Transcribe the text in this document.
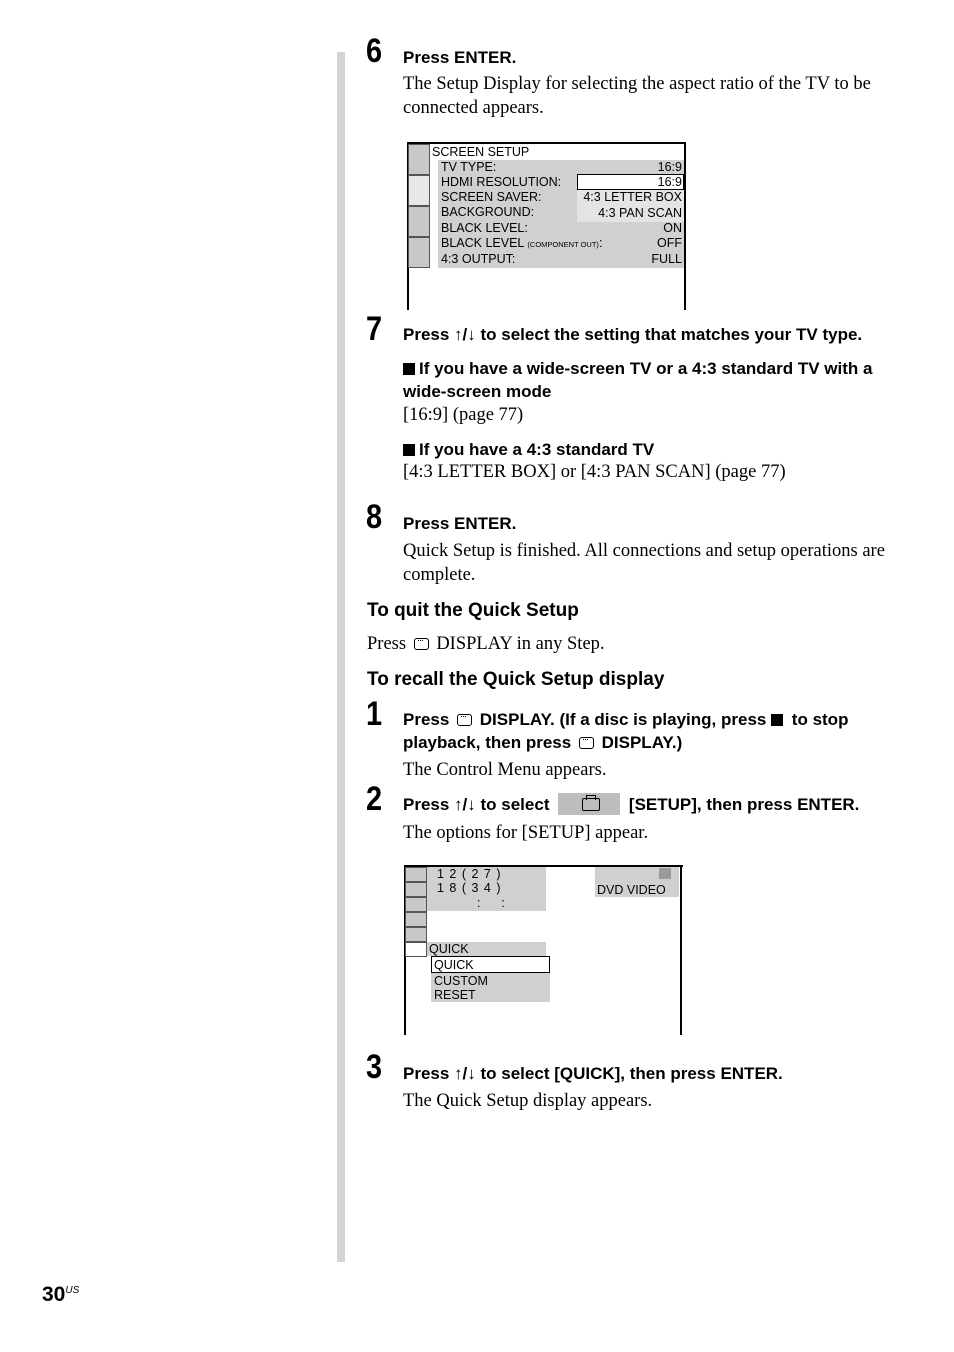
6 Press ENTER.
The Setup Display for selecting the aspect ratio of the TV to be connected appears.
SCREEN SETUP
TV TYPE:	16:9
HDMI RESOLUTION:	16:9
SCREEN SAVER:	4:3 LETTER BOX
BACKGROUND:	4:3 PAN SCAN
BLACK LEVEL:	ON
BLACK LEVEL (COMPONENT OUT):	OFF
4:3 OUTPUT:	FULL
7 Press ↑/↓ to select the setting that matches your TV type.
If you have a wide-screen TV or a 4:3 standard TV with a wide-screen mode
[16:9] (page 77)
If you have a 4:3 standard TV
[4:3 LETTER BOX] or [4:3 PAN SCAN] (page 77)
8 Press ENTER.
Quick Setup is finished. All connections and setup operations are complete.
To quit the Quick Setup
Press  DISPLAY in any Step.
To recall the Quick Setup display
1 Press  DISPLAY. (If a disc is playing, press  to stop playback, then press  DISPLAY.)
The Control Menu appears.
2 Press ↑/↓ to select	[SETUP], then press ENTER.
The options for [SETUP] appear.
1 2 ( 2 7 )
1 8 ( 3 4 )
:      :
DVD VIDEO
QUICK
QUICK
CUSTOM
RESET
3 Press ↑/↓ to select [QUICK], then press ENTER.
The Quick Setup display appears.
$30^{US}$
